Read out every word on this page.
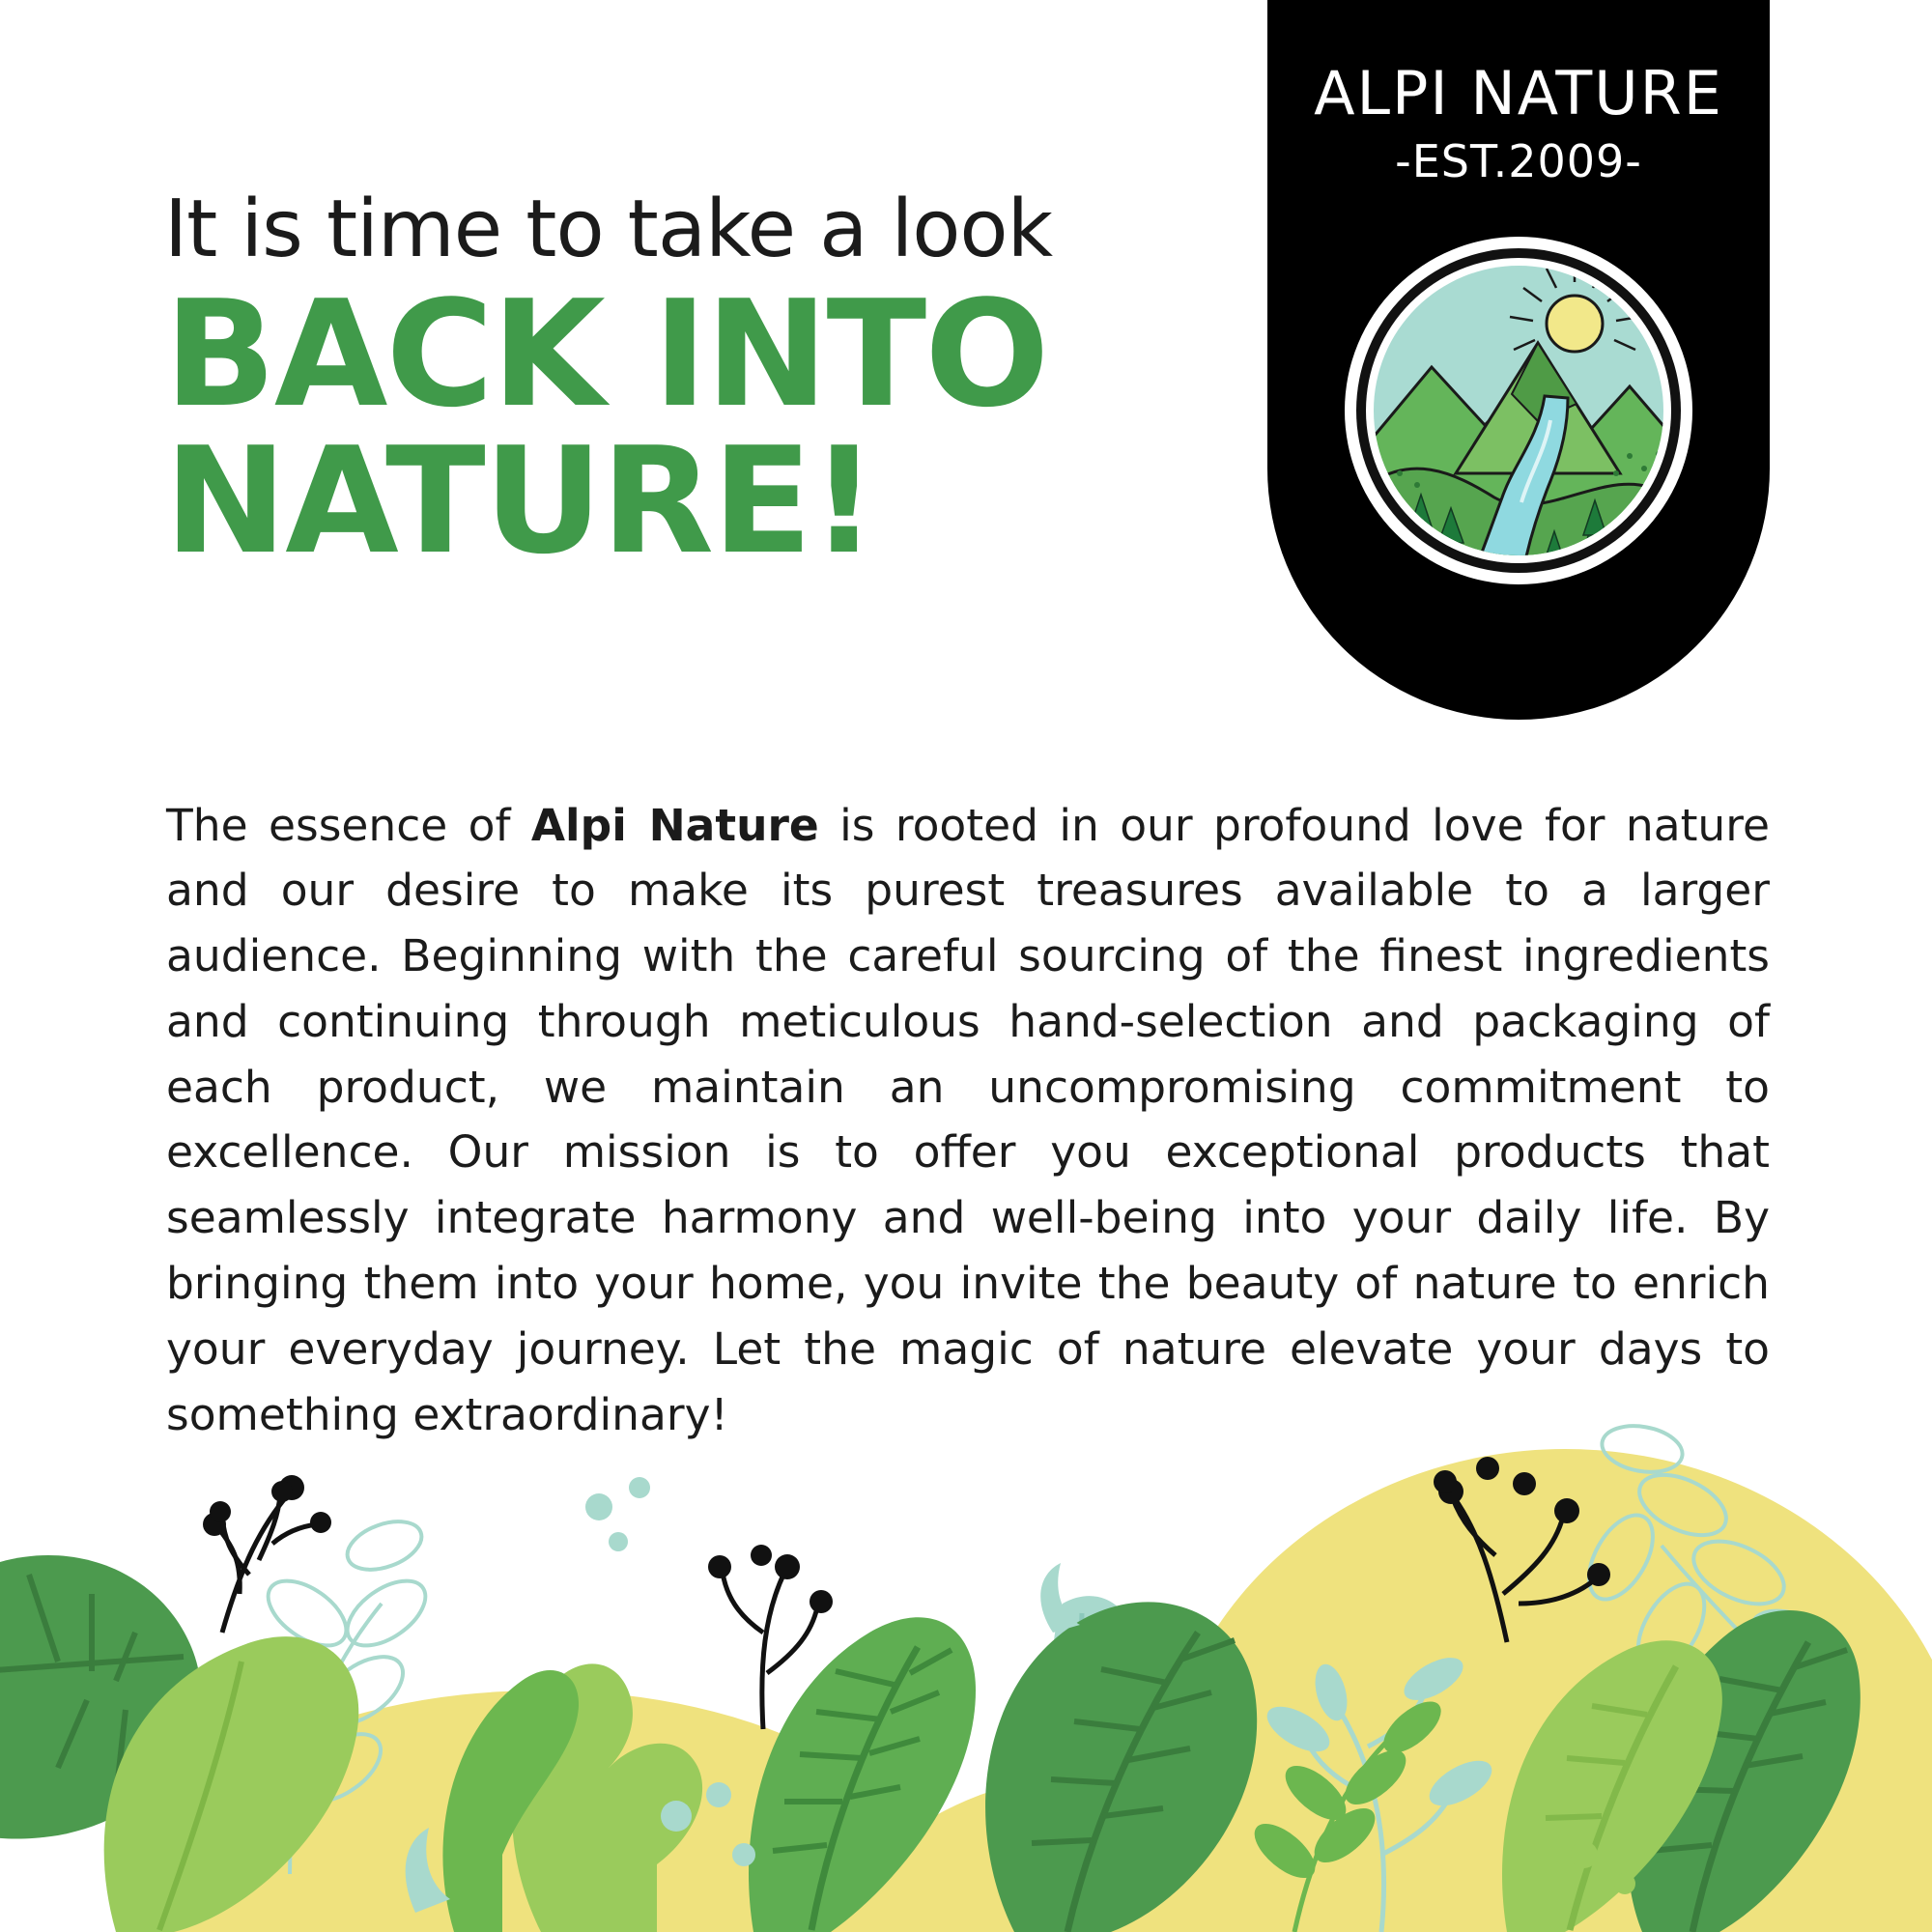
ALPI NATURE
-EST.2009-
It is time to take a look
BACK INTO
NATURE!

The essence of Alpi Nature is rooted in our profound love for nature and our desire to make its purest treasures available to a larger audience. Beginning with the careful sourcing of the finest ingredients and continuing through meticulous hand-selection and packaging of each product, we maintain an uncompromising commitment to excellence. Our mission is to offer you exceptional products that seamlessly integrate harmony and well-being into your daily life. By bringing them into your home, you invite the beauty of nature to enrich your everyday journey. Let the magic of nature elevate your days to something extraordinary!
